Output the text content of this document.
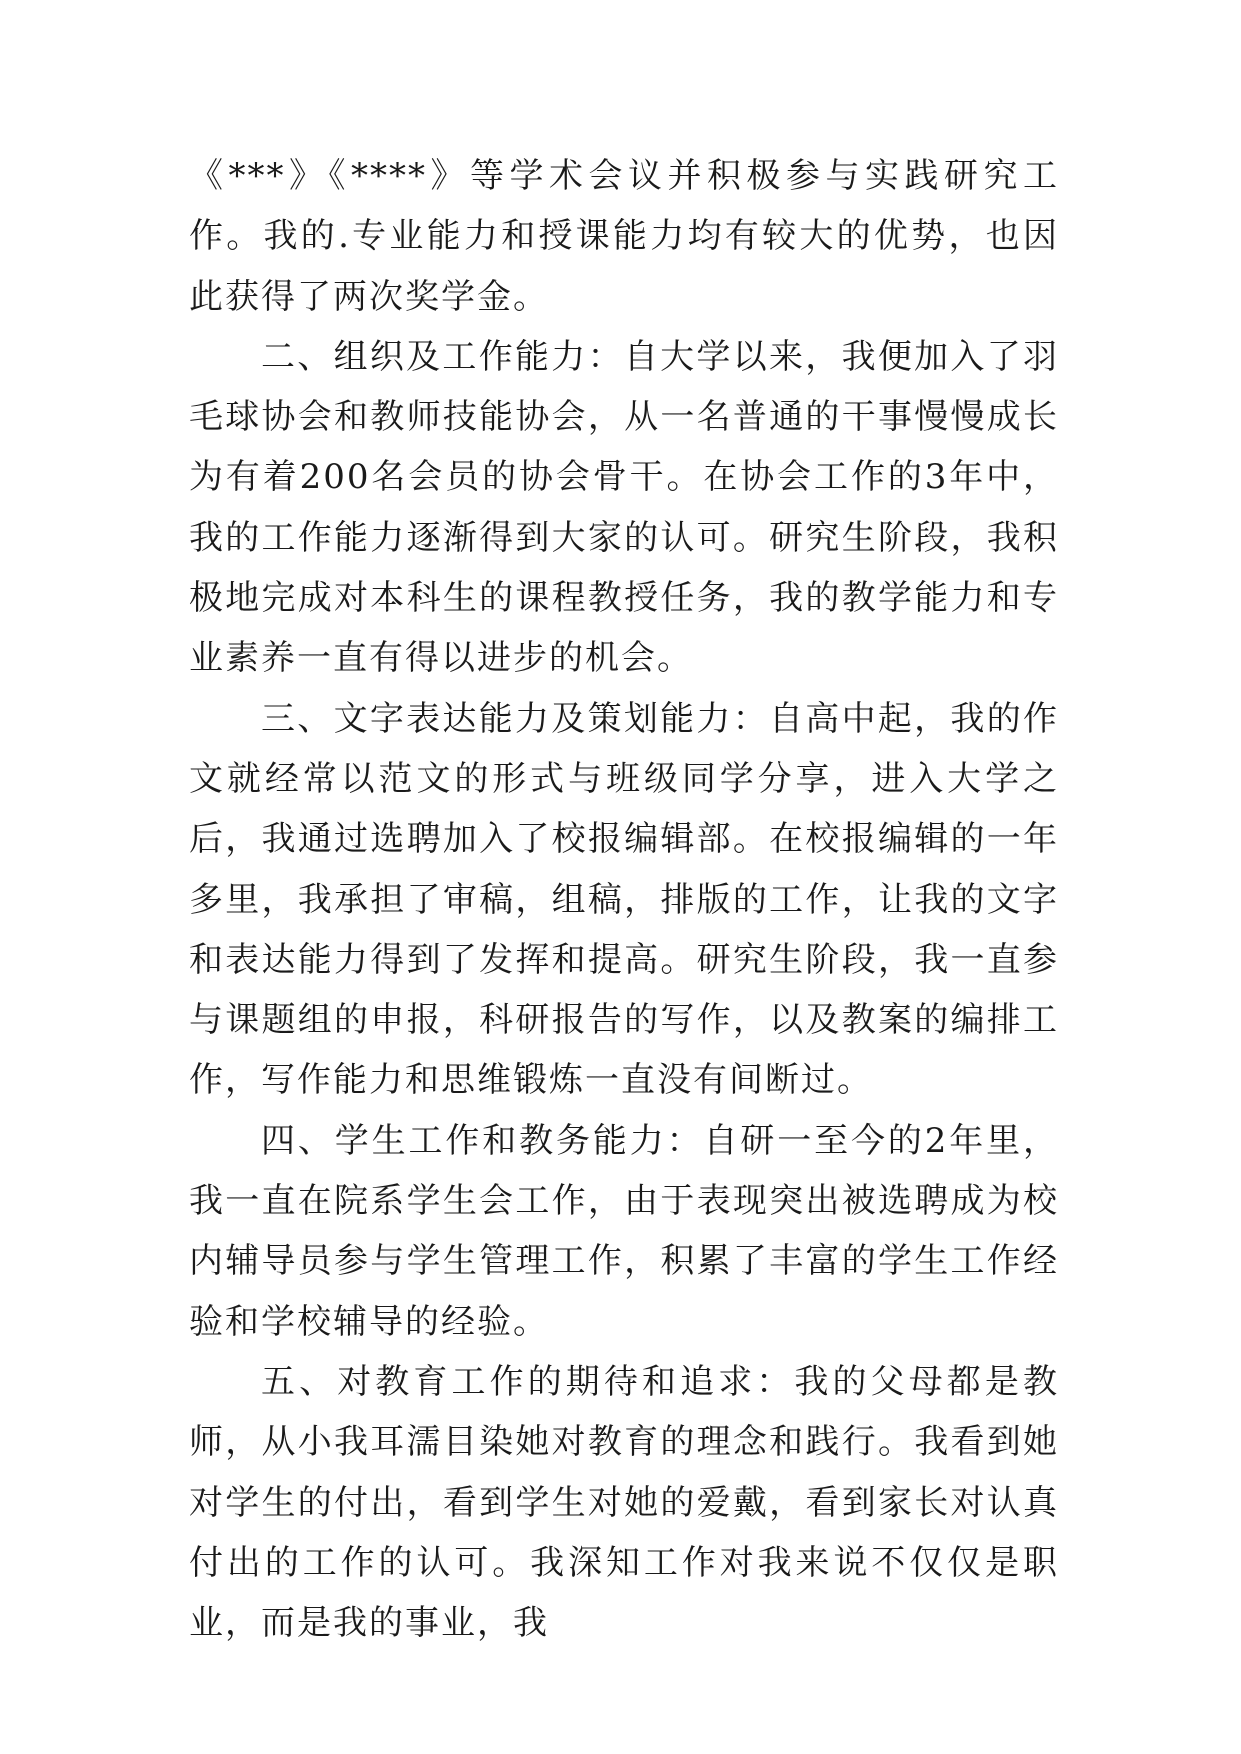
《***》《****》等学术会议并积极参与实践研究工作。我的.专业能力和授课能力均有较大的优势，也因此获得了两次奖学金。

二、组织及工作能力：自大学以来，我便加入了羽毛球协会和教师技能协会，从一名普通的干事慢慢成长为有着200名会员的协会骨干。在协会工作的3年中，我的工作能力逐渐得到大家的认可。研究生阶段，我积极地完成对本科生的课程教授任务，我的教学能力和专业素养一直有得以进步的机会。

三、文字表达能力及策划能力：自高中起，我的作文就经常以范文的形式与班级同学分享，进入大学之后，我通过选聘加入了校报编辑部。在校报编辑的一年多里，我承担了审稿，组稿，排版的工作，让我的文字和表达能力得到了发挥和提高。研究生阶段，我一直参与课题组的申报，科研报告的写作，以及教案的编排工作，写作能力和思维锻炼一直没有间断过。

四、学生工作和教务能力：自研一至今的2年里，我一直在院系学生会工作，由于表现突出被选聘成为校内辅导员参与学生管理工作，积累了丰富的学生工作经验和学校辅导的经验。

五、对教育工作的期待和追求：我的父母都是教师，从小我耳濡目染她对教育的理念和践行。我看到她对学生的付出，看到学生对她的爱戴，看到家长对认真付出的工作的认可。我深知工作对我来说不仅仅是职业，而是我的事业，我
